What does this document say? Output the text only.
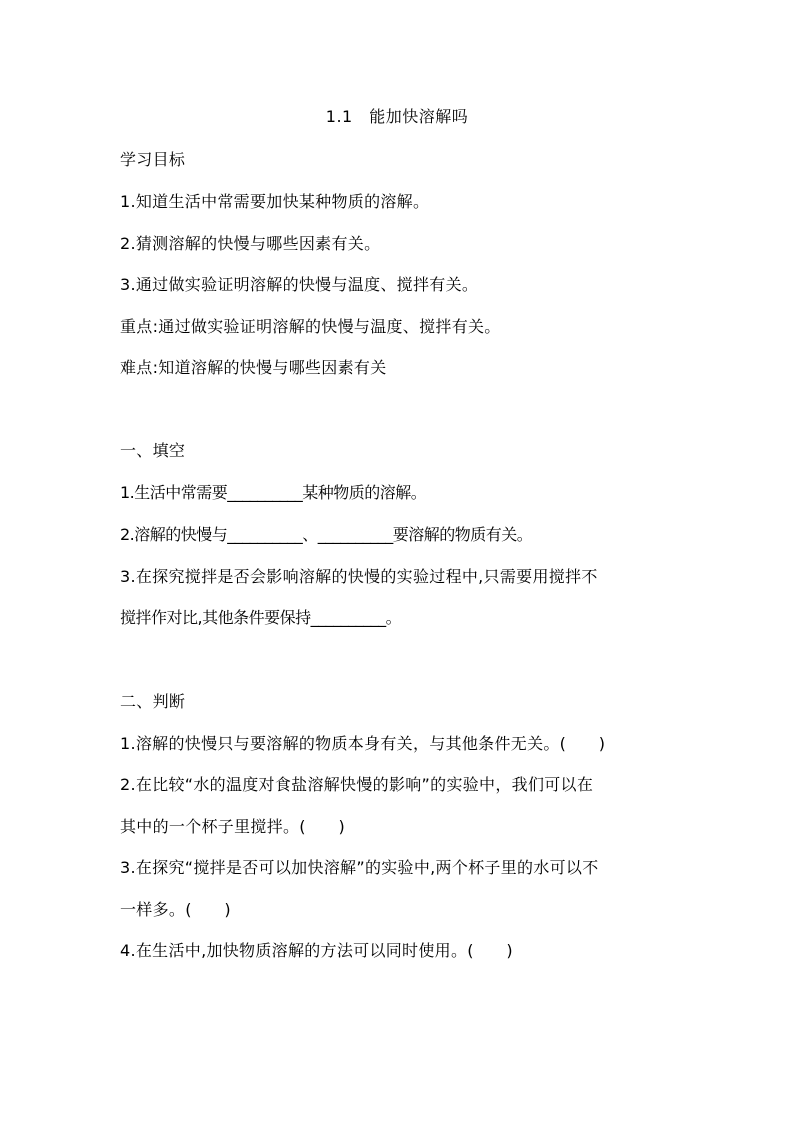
1.1　能加快溶解吗
学习目标
1.知道生活中常需要加快某种物质的溶解。
2.猜测溶解的快慢与哪些因素有关。
3.通过做实验证明溶解的快慢与温度、搅拌有关。
重点:通过做实验证明溶解的快慢与温度、搅拌有关。
难点:知道溶解的快慢与哪些因素有关
一、填空
1.生活中常需要__________某种物质的溶解。
2.溶解的快慢与__________、__________要溶解的物质有关。
3.在探究搅拌是否会影响溶解的快慢的实验过程中,只需要用搅拌不
搅拌作对比,其他条件要保持__________。
二、判断
1.溶解的快慢只与要溶解的物质本身有关，与其他条件无关。(　　)
2.在比较“水的温度对食盐溶解快慢的影响”的实验中，我们可以在
其中的一个杯子里搅拌。(　　)
3.在探究“搅拌是否可以加快溶解”的实验中,两个杯子里的水可以不
一样多。(　　)
4.在生活中,加快物质溶解的方法可以同时使用。(　　)
